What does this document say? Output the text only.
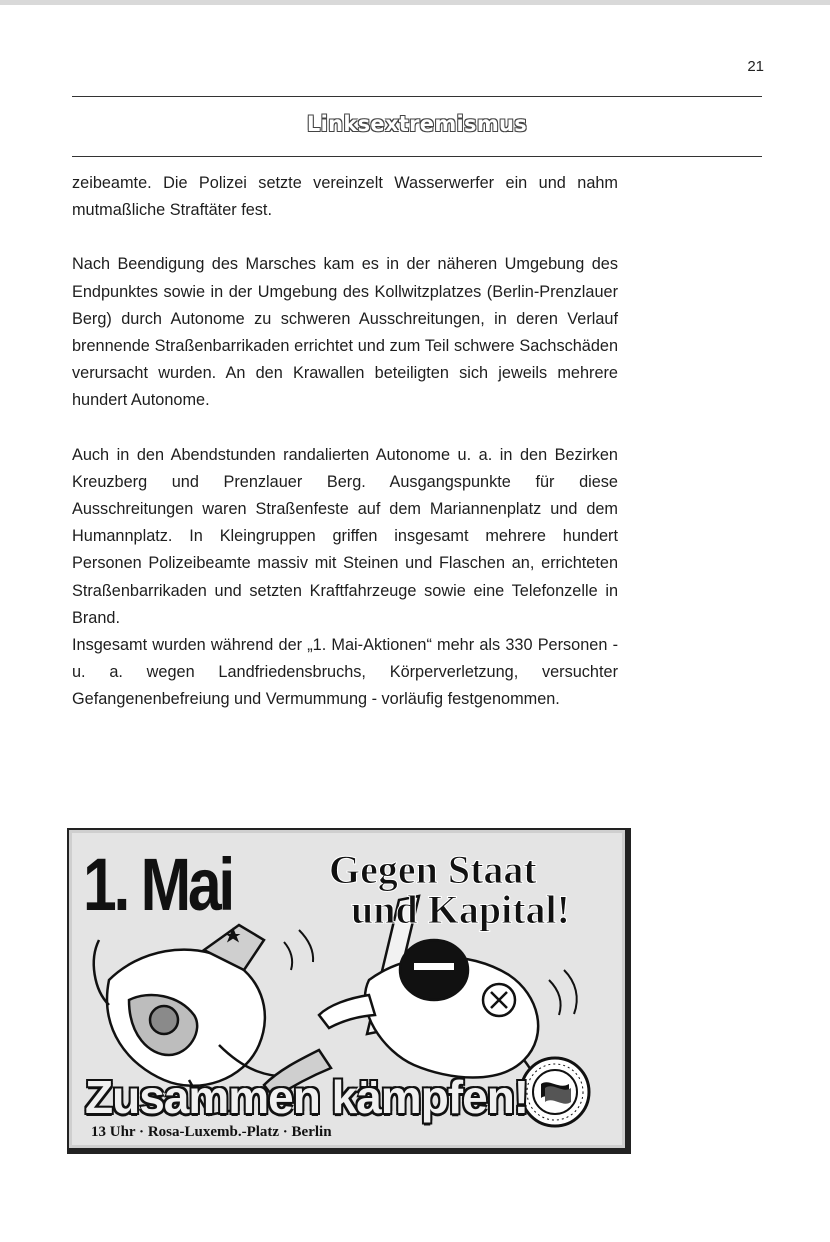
21
Linksextremismus

zeibeamte. Die Polizei setzte vereinzelt Wasserwerfer ein und nahm mutmaßliche Straftäter fest.

Nach Beendigung des Marsches kam es in der näheren Umgebung des Endpunktes sowie in der Umgebung des Kollwitzplatzes (Berlin-Prenzlauer Berg) durch Autonome zu schweren Ausschreitungen, in deren Verlauf brennende Straßenbarrikaden errichtet und zum Teil schwere Sachschäden verursacht wurden. An den Krawallen beteiligten sich jeweils mehrere hundert Autonome.

Auch in den Abendstunden randalierten Autonome u. a. in den Bezirken Kreuzberg und Prenzlauer Berg. Ausgangspunkte für diese Ausschreitungen waren Straßenfeste auf dem Mariannenplatz und dem Humannplatz. In Kleingruppen griffen insgesamt mehrere hundert Personen Polizeibeamte massiv mit Steinen und Flaschen an, errichteten Straßenbarrikaden und setzten Kraftfahrzeuge sowie eine Telefonzelle in Brand.

Insgesamt wurden während der „1. Mai-Aktionen“ mehr als 330 Personen - u. a. wegen Landfriedensbruchs, Körperverletzung, versuchter Gefangenenbefreiung und Vermummung - vorläufig festgenommen.

1. Mai Gegen Staat

und Kapital!

Zusammen kämpfen!

13 Uhr · Rosa-Luxemb.-Platz · Berlin
